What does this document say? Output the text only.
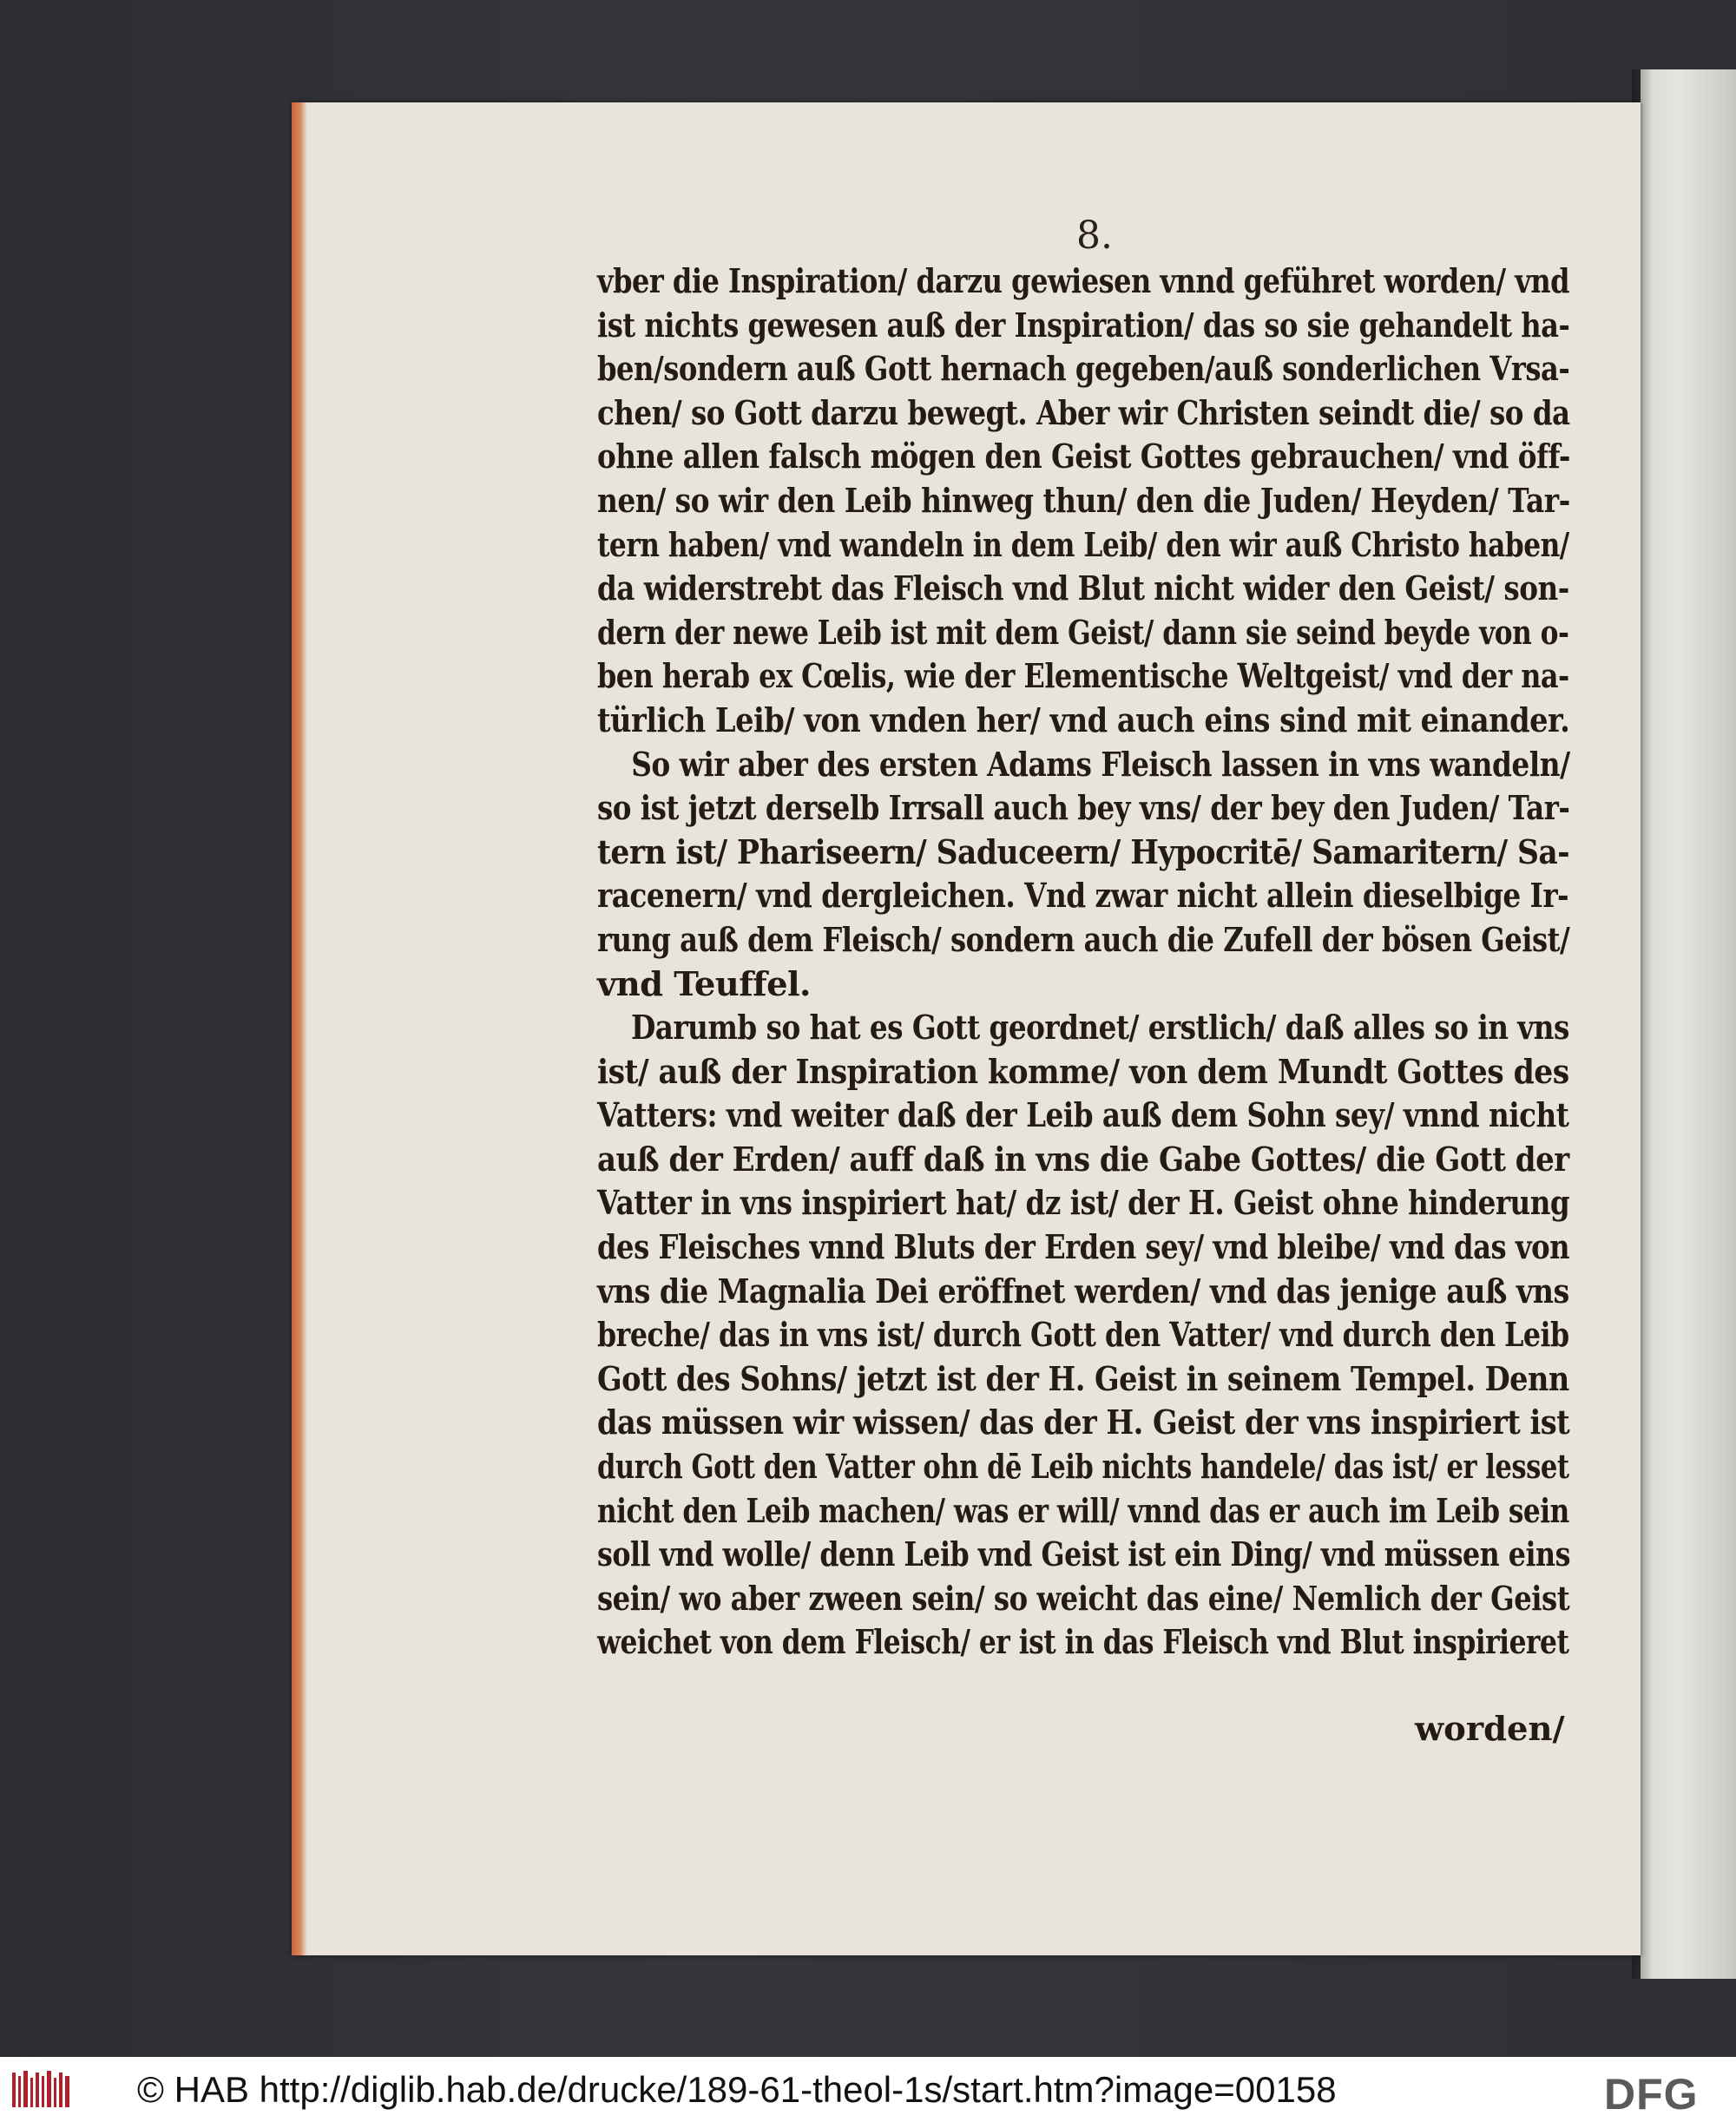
8.
vber die Inspiration/ darzu gewiesen vnnd geführet worden/ vnd
ist nichts gewesen auß der Inspiration/ das so sie gehandelt ha-
ben/sondern auß Gott hernach gegeben/auß sonderlichen Vrsa-
chen/ so Gott darzu bewegt. Aber wir Christen seindt die/ so da
ohne allen falsch mögen den Geist Gottes gebrauchen/ vnd öff-
nen/ so wir den Leib hinweg thun/ den die Juden/ Heyden/ Tar-
tern haben/ vnd wandeln in dem Leib/ den wir auß Christo haben/
da widerstrebt das Fleisch vnd Blut nicht wider den Geist/ son-
dern der newe Leib ist mit dem Geist/ dann sie seind beyde von o-
ben herab ex Cœlis, wie der Elementische Weltgeist/ vnd der na-
türlich Leib/ von vnden her/ vnd auch eins sind mit einander.
So wir aber des ersten Adams Fleisch lassen in vns wandeln/
so ist jetzt derselb Irrsall auch bey vns/ der bey den Juden/ Tar-
tern ist/ Phariseern/ Saduceern/ Hypocritē/ Samaritern/ Sa-
racenern/ vnd dergleichen. Vnd zwar nicht allein dieselbige Ir-
rung auß dem Fleisch/ sondern auch die Zufell der bösen Geist/
vnd Teuffel.
Darumb so hat es Gott geordnet/ erstlich/ daß alles so in vns
ist/ auß der Inspiration komme/ von dem Mundt Gottes des
Vatters: vnd weiter daß der Leib auß dem Sohn sey/ vnnd nicht
auß der Erden/ auff daß in vns die Gabe Gottes/ die Gott der
Vatter in vns inspiriert hat/ dz ist/ der H. Geist ohne hinderung
des Fleisches vnnd Bluts der Erden sey/ vnd bleibe/ vnd das von
vns die Magnalia Dei eröffnet werden/ vnd das jenige auß vns
breche/ das in vns ist/ durch Gott den Vatter/ vnd durch den Leib
Gott des Sohns/ jetzt ist der H. Geist in seinem Tempel. Denn
das müssen wir wissen/ das der H. Geist der vns inspiriert ist
durch Gott den Vatter ohn dē Leib nichts handele/ das ist/ er lesset
nicht den Leib machen/ was er will/ vnnd das er auch im Leib sein
soll vnd wolle/ denn Leib vnd Geist ist ein Ding/ vnd müssen eins
sein/ wo aber zween sein/ so weicht das eine/ Nemlich der Geist
weichet von dem Fleisch/ er ist in das Fleisch vnd Blut inspirieret
worden/
© HAB http://diglib.hab.de/drucke/189-61-theol-1s/start.htm?image=00158	DFG
